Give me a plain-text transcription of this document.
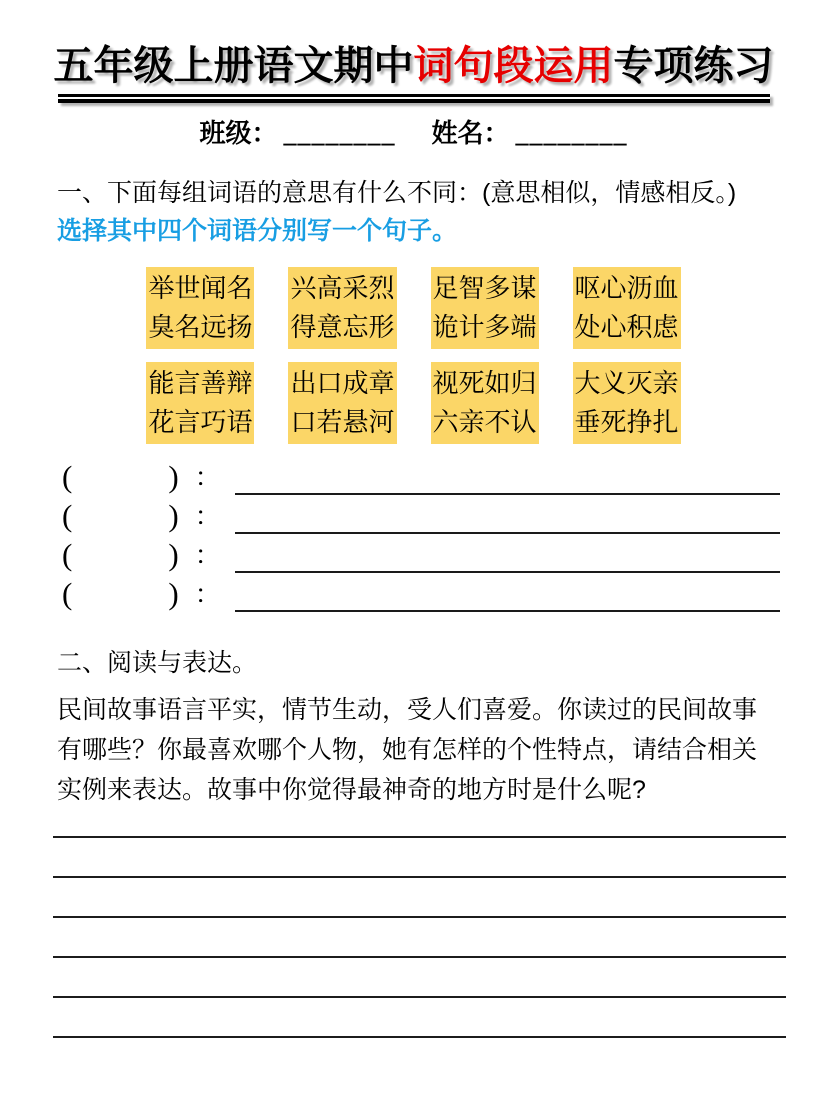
五年级上册语文期中词句段运用专项练习
班级： ________ 姓名： ________

一、下面每组词语的意思有什么不同：(意思相似，情感相反。)

选择其中四个词语分别写一个句子。

举世闻名
臭名远扬
兴高采烈
得意忘形
足智多谋
诡计多端
呕心沥血
处心积虑
能言善辩
花言巧语
出口成章
口若悬河
视死如归
六亲不认
大义灭亲
垂死挣扎
(	) ：
(	) ：
(	) ：
(	) ：

二、阅读与表达。

民间故事语言平实，情节生动，受人们喜爱。你读过的民间故事
有哪些？你最喜欢哪个人物，她有怎样的个性特点，请结合相关
实例来表达。故事中你觉得最神奇的地方时是什么呢?
